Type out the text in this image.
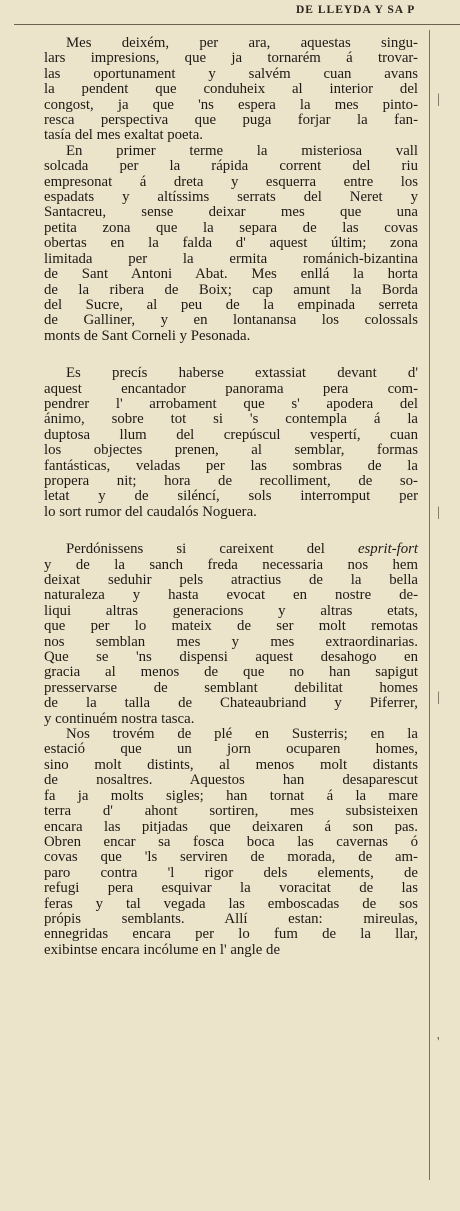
DE LLEYDA Y SA P
|
|
|
'

Mes deixém, per ara, aquestas singu-
lars impresions, que ja tornarém á trovar-
las oportunament y salvém cuan avans
la pendent que conduheix al interior del
congost, ja que 'ns espera la mes pinto-
resca perspectiva que puga forjar la fan-
tasía del mes exaltat poeta.

En primer terme la misteriosa vall
solcada per la rápida corrent del riu
empresonat á dreta y esquerra entre los
espadats y altíssims serrats del Neret y
Santacreu, sense deixar mes que una
petita zona que la separa de las covas
obertas en la falda d' aquest últim; zona
limitada per la ermita románich-bizantina
de Sant Antoni Abat. Mes enllá la horta
de la ribera de Boix; cap amunt la Borda
del Sucre, al peu de la empinada serreta
de Galliner, y en lontanansa los colossals
monts de Sant Corneli y Pesonada.

Es precís haberse extassiat devant d'
aquest encantador panorama pera com-
pendrer l' arrobament que s' apodera del
ánimo, sobre tot si 's contempla á la
duptosa llum del crepúscul vespertí, cuan
los objectes prenen, al semblar, formas
fantásticas, veladas per las sombras de la
propera nit; hora de recolliment, de so-
letat y de siléncí, sols interromput per
lo sort rumor del caudalós Noguera.

Perdónissens si careixent del esprit-fort
y de la sanch freda necessaria nos hem
deixat seduhir pels atractius de la bella
naturaleza y hasta evocat en nostre de-
liqui altras generacions y altras etats,
que per lo mateix de ser molt remotas
nos semblan mes y mes extraordinarias.
Que se 'ns dispensi aquest desahogo en
gracia al menos de que no han sapigut
presservarse de semblant debilitat homes
de la talla de Chateaubriand y Piferrer,
y continuém nostra tasca.

Nos trovém de plé en Susterris; en la
estació que un jorn ocuparen homes,
sino molt distints, al menos molt distants
de nosaltres. Aquestos han desaparescut
fa ja molts sigles; han tornat á la mare
terra d' ahont sortiren, mes subsisteixen
encara las pitjadas que deixaren á son pas.
Obren encar sa fosca boca las cavernas ó
covas que 'ls serviren de morada, de am-
paro contra 'l rigor dels elements, de
refugi pera esquivar la voracitat de las
feras y tal vegada las emboscadas de sos
própis semblants. Allí estan: mireulas,
ennegridas encara per lo fum de la llar,
exibintse encara incólume en l' angle de
